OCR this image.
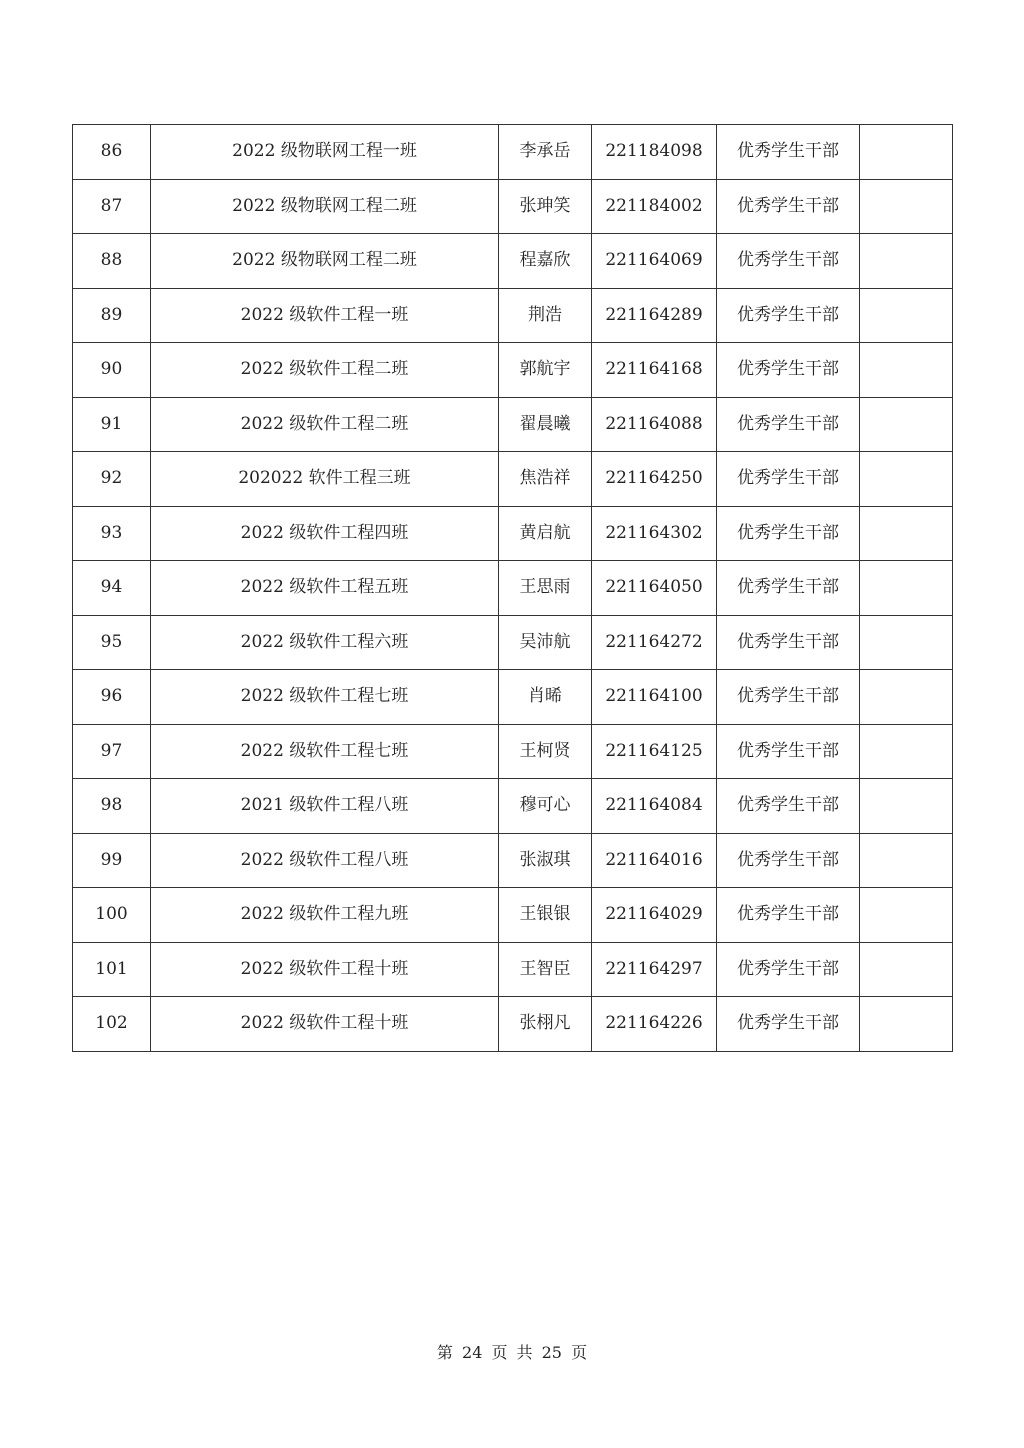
86	2022 级物联网工程一班	李承岳	221184098	优秀学生干部	
87	2022 级物联网工程二班	张珅笑	221184002	优秀学生干部	
88	2022 级物联网工程二班	程嘉欣	221164069	优秀学生干部	
89	2022 级软件工程一班	荆浩	221164289	优秀学生干部	
90	2022 级软件工程二班	郭航宇	221164168	优秀学生干部	
91	2022 级软件工程二班	翟晨曦	221164088	优秀学生干部	
92	202022 软件工程三班	焦浩祥	221164250	优秀学生干部	
93	2022 级软件工程四班	黄启航	221164302	优秀学生干部	
94	2022 级软件工程五班	王思雨	221164050	优秀学生干部	
95	2022 级软件工程六班	吴沛航	221164272	优秀学生干部	
96	2022 级软件工程七班	肖晞	221164100	优秀学生干部	
97	2022 级软件工程七班	王柯贤	221164125	优秀学生干部	
98	2021 级软件工程八班	穆可心	221164084	优秀学生干部	
99	2022 级软件工程八班	张淑琪	221164016	优秀学生干部	
100	2022 级软件工程九班	王银银	221164029	优秀学生干部	
101	2022 级软件工程十班	王智臣	221164297	优秀学生干部	
102	2022 级软件工程十班	张栩凡	221164226	优秀学生干部	
第 24 页 共 25 页
